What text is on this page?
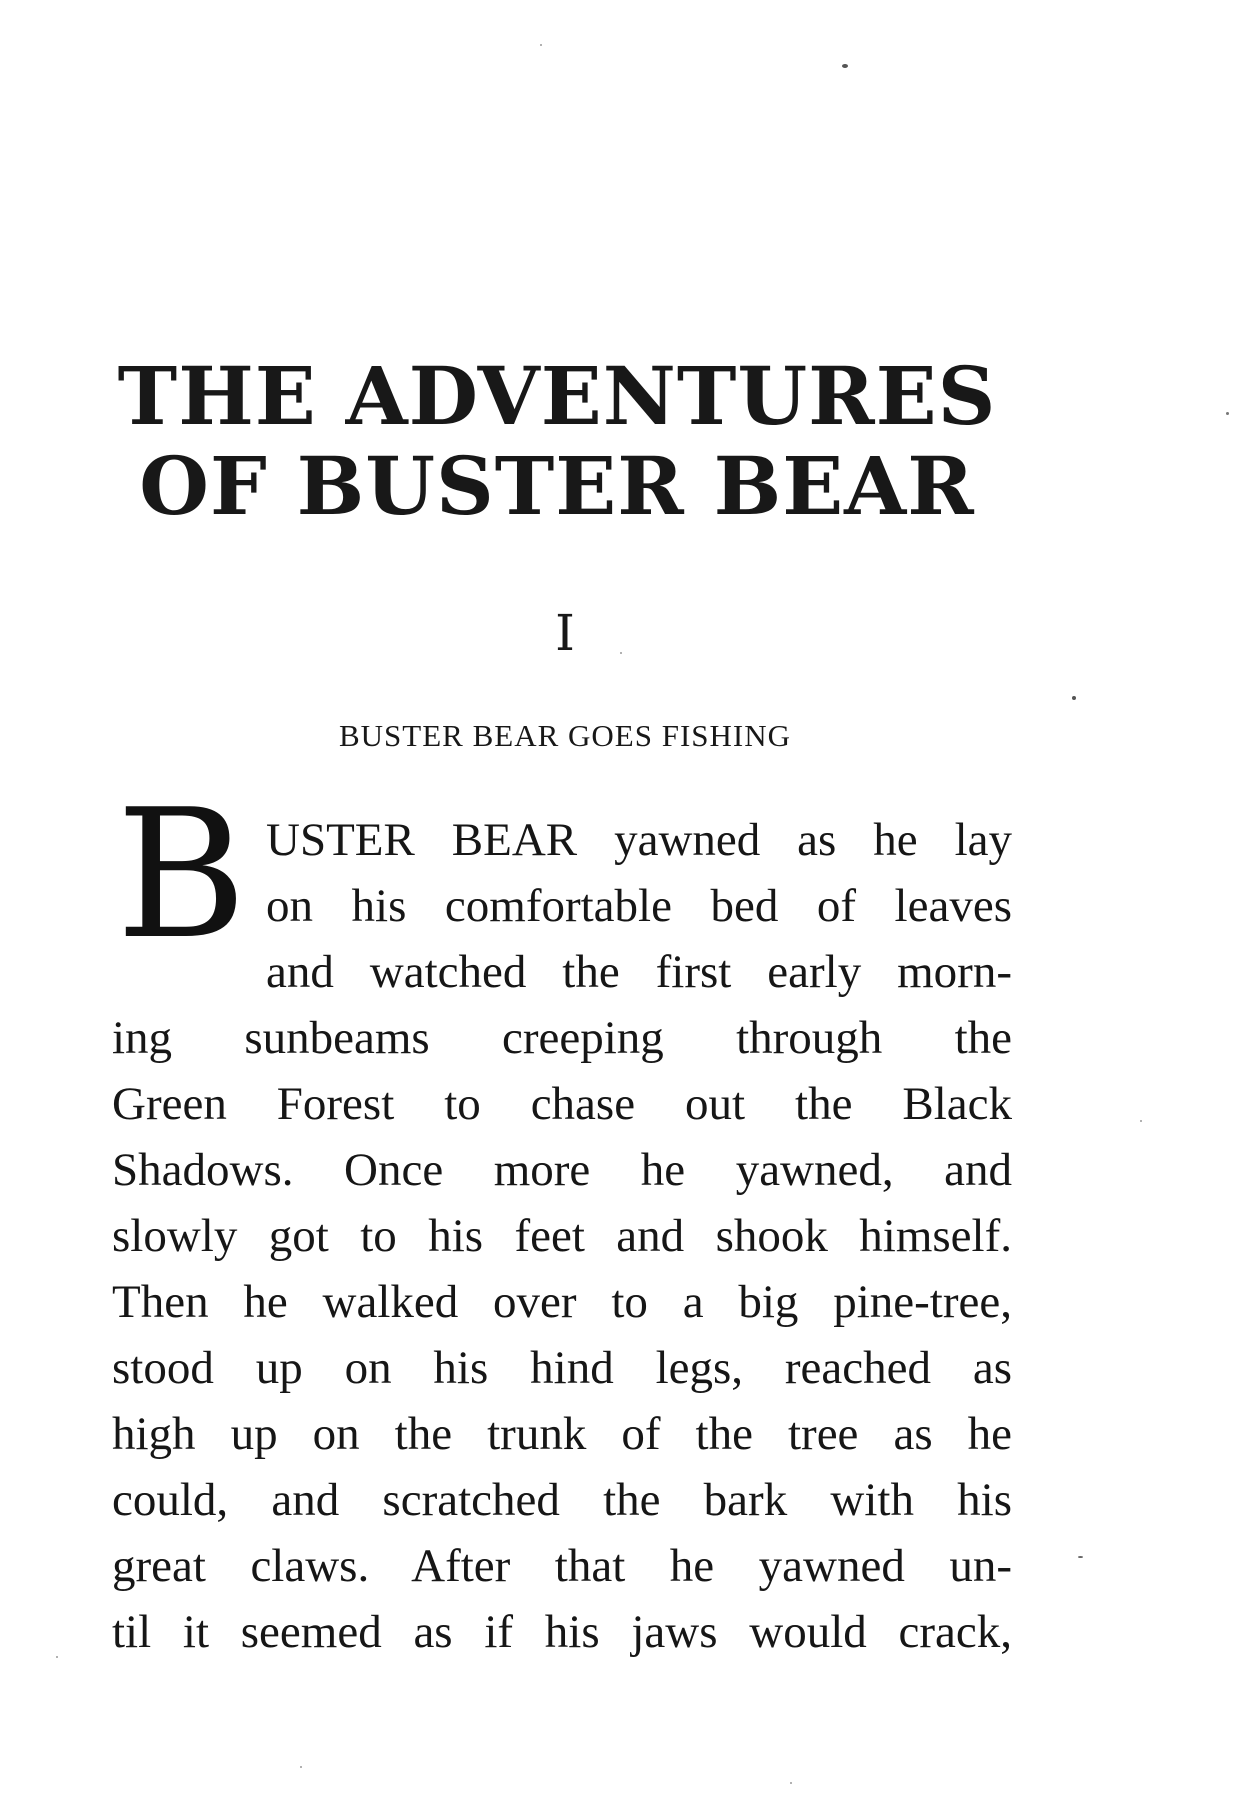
THE ADVENTURES
OF BUSTER BEAR
I
BUSTER BEAR GOES FISHING
B USTER BEAR yawned as he lay
on his comfortable bed of leaves
and watched the first early morn-
ing sunbeams creeping through the
Green Forest to chase out the Black
Shadows. Once more he yawned, and
slowly got to his feet and shook himself.
Then he walked over to a big pine-tree,
stood up on his hind legs, reached as
high up on the trunk of the tree as he
could, and scratched the bark with his
great claws. After that he yawned un-
til it seemed as if his jaws would crack,
